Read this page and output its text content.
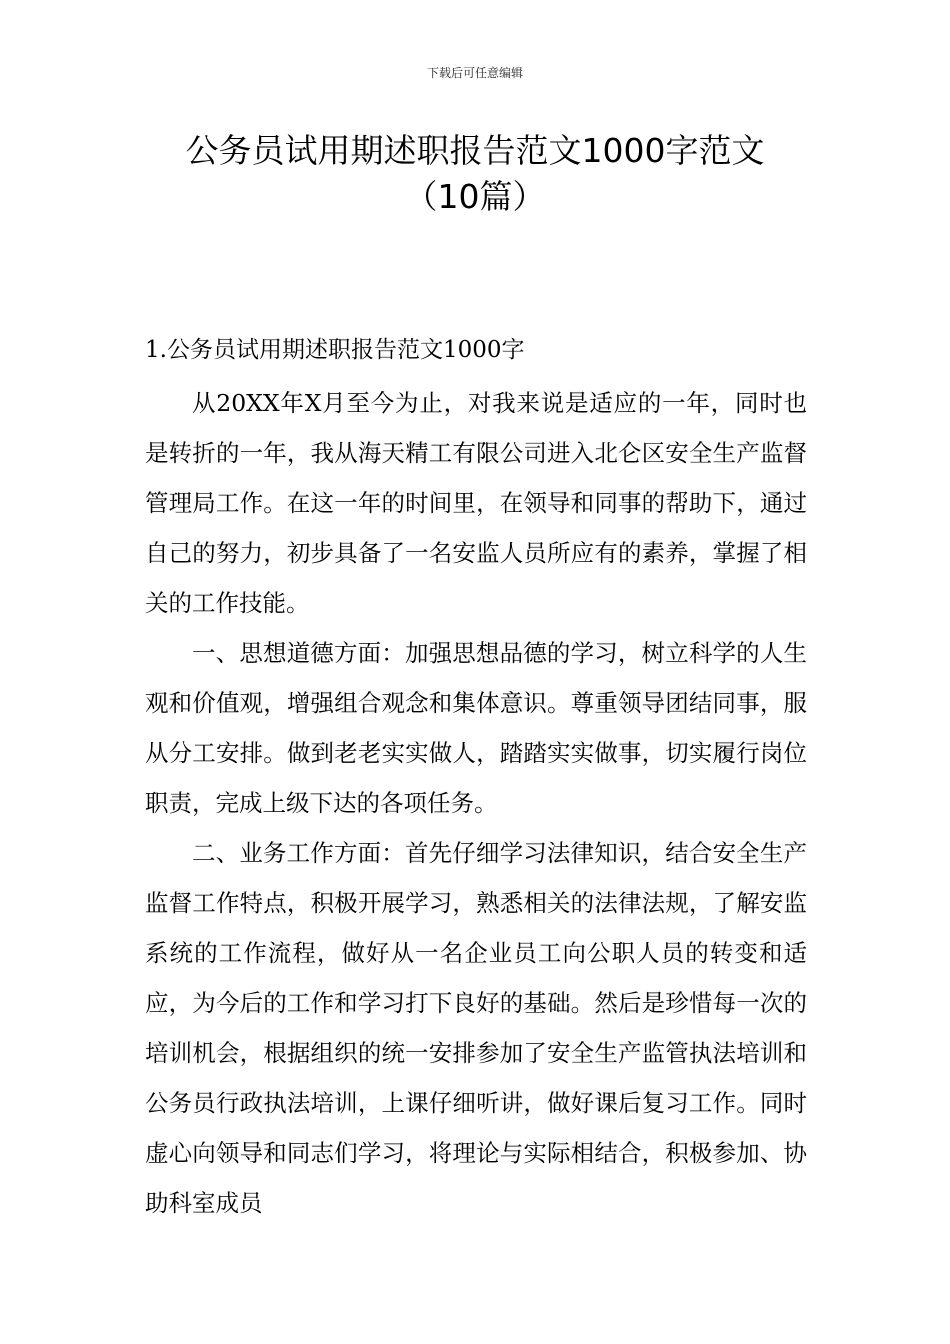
下载后可任意编辑
公务员试用期述职报告范文1000字范文
（10篇）
1.公务员试用期述职报告范文1000字

从20XX年X月至今为止，对我来说是适应的一年，同时也是转折的一年，我从海天精工有限公司进入北仑区安全生产监督管理局工作。在这一年的时间里，在领导和同事的帮助下，通过自己的努力，初步具备了一名安监人员所应有的素养，掌握了相关的工作技能。

一、思想道德方面：加强思想品德的学习，树立科学的人生观和价值观，增强组合观念和集体意识。尊重领导团结同事，服从分工安排。做到老老实实做人，踏踏实实做事，切实履行岗位职责，完成上级下达的各项任务。

二、业务工作方面：首先仔细学习法律知识，结合安全生产监督工作特点，积极开展学习，熟悉相关的法律法规，了解安监系统的工作流程，做好从一名企业员工向公职人员的转变和适应，为今后的工作和学习打下良好的基础。然后是珍惜每一次的培训机会，根据组织的统一安排参加了安全生产监管执法培训和公务员行政执法培训，上课仔细听讲，做好课后复习工作。同时虚心向领导和同志们学习，将理论与实际相结合，积极参加、协助科室成员
